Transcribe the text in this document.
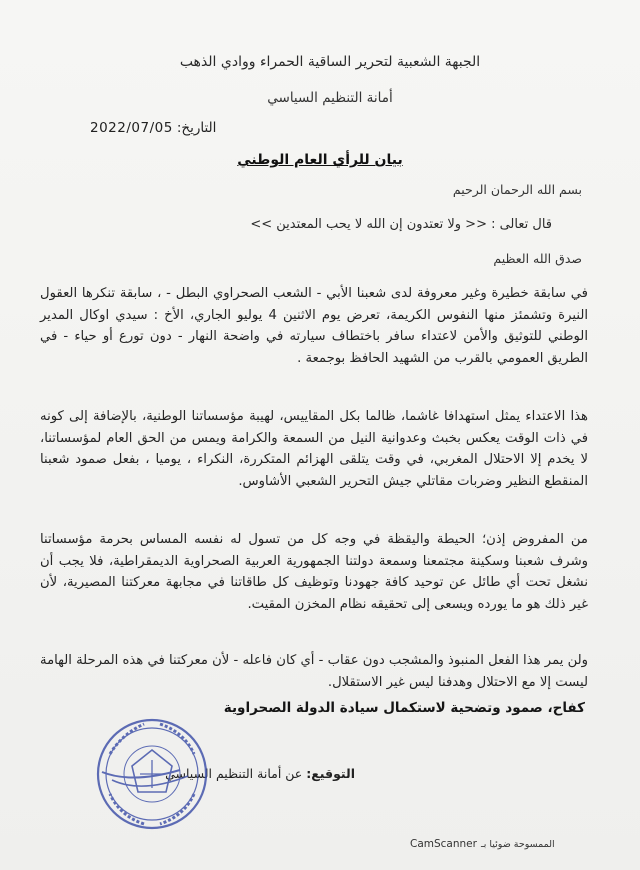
الجبهة الشعبية لتحرير الساقية الحمراء ووادي الذهب
أمانة التنظيم السياسي
2022/07/05 التاريخ:
بيان للرأي العام الوطني
بسم الله الرحمان الرحيم
قال تعالى : << ولا تعتدون إن الله لا يحب المعتدين >>
صدق الله العظيم
في سابقة خطيرة وغير معروفة لدى شعبنا الأبي - الشعب الصحراوي البطل - ، سابقة تنكرها العقول النيرة وتشمئز منها النفوس الكريمة، تعرض يوم الاثنين 4 يوليو الجاري، الأخ : سيدي اوكال المدير الوطني للتوثيق والأمن لاعتداء سافر باختطاف سيارته في واضحة النهار - دون تورع أو حياء - في الطريق العمومي بالقرب من الشهيد الحافظ بوجمعة .
هذا الاعتداء يمثل استهدافا غاشما، ظالما بكل المقاييس، لهيبة مؤسساتنا الوطنية، بالإضافة إلى كونه في ذات الوقت يعكس بخبث وعدوانية النيل من السمعة والكرامة ويمس من الحق العام لمؤسساتنا، لا يخدم إلا الاحتلال المغربي، في وقت يتلقى الهزائم المتكررة، النكراء ، يوميا ، بفعل صمود شعبنا المنقطع النظير وضربات مقاتلي جيش التحرير الشعبي الأشاوس.
من المفروض إذن؛ الحيطة واليقظة في وجه كل من تسول له نفسه المساس بحرمة مؤسساتنا وشرف شعبنا وسكينة مجتمعنا وسمعة دولتنا الجمهورية العربية الصحراوية الديمقراطية، فلا يجب أن نشغل تحت أي طائل عن توحيد كافة جهودنا وتوظيف كل طاقاتنا في مجابهة معركتنا المصيرية، لأن غير ذلك هو ما يورده ويسعى إلى تحقيقه نظام المخزن المقيت.
ولن يمر هذا الفعل المنبوذ والمشجب دون عقاب - أي كان فاعله - لأن معركتنا في هذه المرحلة الهامة ليست إلا مع الاحتلال وهدفنا ليس غير الاستقلال.
كفاح، صمود وتضحية لاستكمال سيادة الدولة الصحراوية
التوقيع:
عن أمانة التنظيم السياسي
CamScanner الممسوحة ضوئيا بـ
